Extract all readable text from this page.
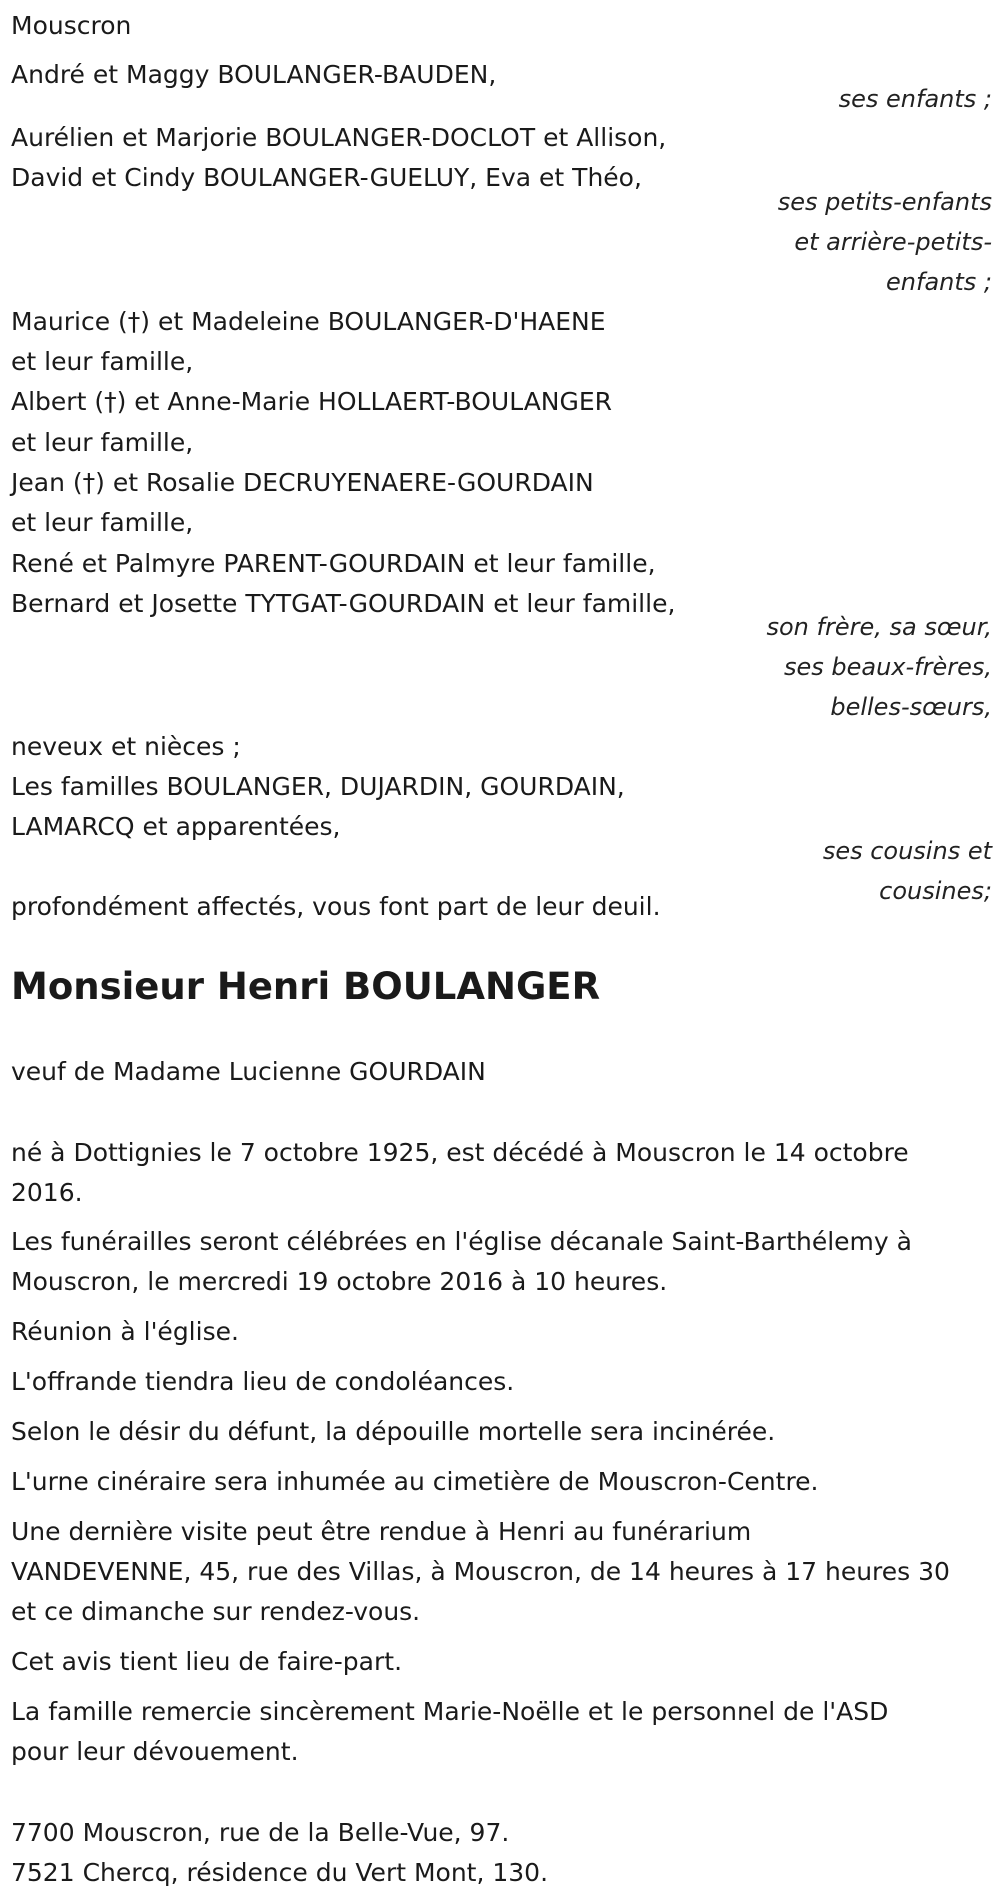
Mouscron

André et Maggy BOULANGER-BAUDEN,

ses enfants ;

Aurélien et Marjorie BOULANGER-DOCLOT et Allison,

David et Cindy BOULANGER-GUELUY, Eva et Théo,

ses petits-enfants

et arrière-petits-

enfants ;

Maurice (†) et Madeleine BOULANGER-D'HAENE

et leur famille,

Albert (†) et Anne-Marie HOLLAERT-BOULANGER

et leur famille,

Jean (†) et Rosalie DECRUYENAERE-GOURDAIN

et leur famille,

René et Palmyre PARENT-GOURDAIN et leur famille,

Bernard et Josette TYTGAT-GOURDAIN et leur famille,

son frère, sa sœur,

ses beaux-frères,

belles-sœurs,

neveux et nièces ;

Les familles BOULANGER, DUJARDIN, GOURDAIN,

LAMARCQ et apparentées,

ses cousins et

cousines;

profondément affectés, vous font part de leur deuil.

Monsieur Henri BOULANGER

veuf de Madame Lucienne GOURDAIN

né à Dottignies le 7 octobre 1925, est décédé à Mouscron le 14 octobre

2016.

Les funérailles seront célébrées en l'église décanale Saint-Barthélemy à

Mouscron, le mercredi 19 octobre 2016 à 10 heures.

Réunion à l'église.

L'offrande tiendra lieu de condoléances.

Selon le désir du défunt, la dépouille mortelle sera incinérée.

L'urne cinéraire sera inhumée au cimetière de Mouscron-Centre.

Une dernière visite peut être rendue à Henri au funérarium

VANDEVENNE, 45, rue des Villas, à Mouscron, de 14 heures à 17 heures 30

et ce dimanche sur rendez-vous.

Cet avis tient lieu de faire-part.

La famille remercie sincèrement Marie-Noëlle et le personnel de l'ASD

pour leur dévouement.

7700 Mouscron, rue de la Belle-Vue, 97.

7521 Chercq, résidence du Vert Mont, 130.
